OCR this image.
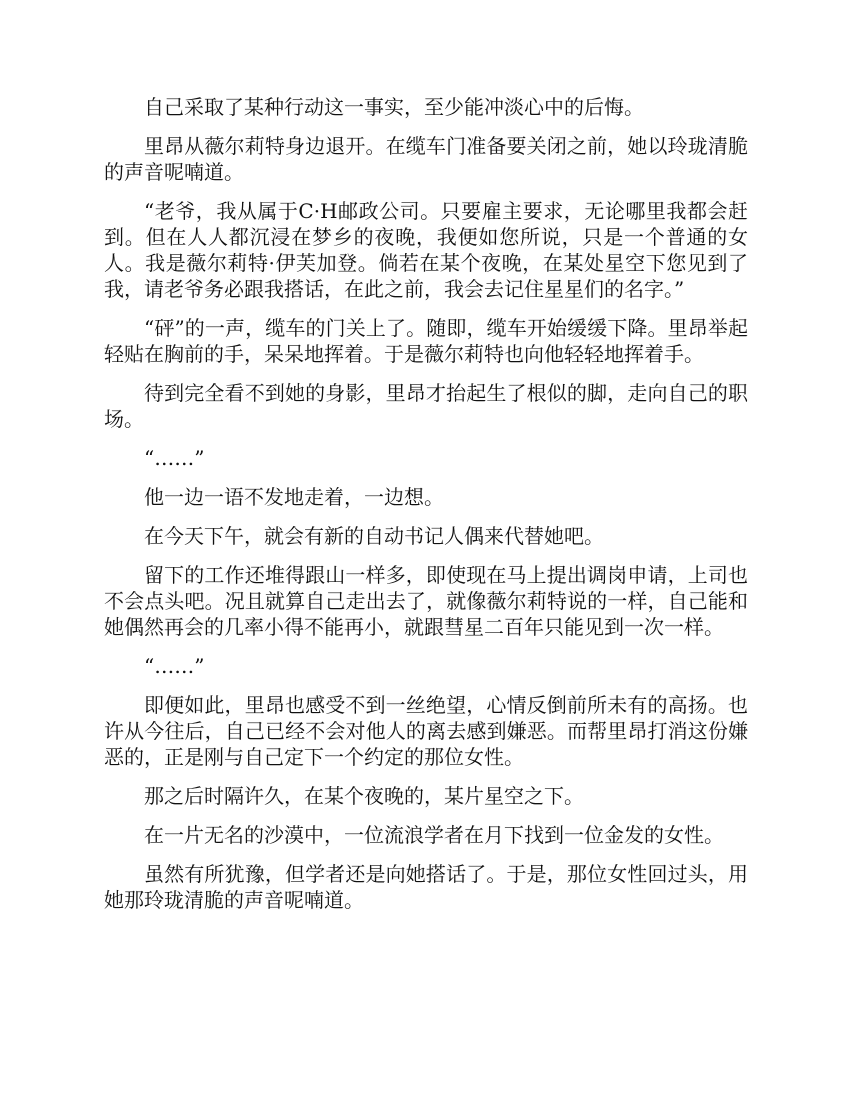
自己采取了某种行动这一事实，至少能冲淡心中的后悔。

里昂从薇尔莉特身边退开。在缆车门准备要关闭之前，她以玲珑清脆的声音呢喃道。

“老爷，我从属于C·H邮政公司。只要雇主要求，无论哪里我都会赶到。但在人人都沉浸在梦乡的夜晚，我便如您所说，只是一个普通的女人。我是薇尔莉特·伊芙加登。倘若在某个夜晚，在某处星空下您见到了我，请老爷务必跟我搭话，在此之前，我会去记住星星们的名字。”

“砰”的一声，缆车的门关上了。随即，缆车开始缓缓下降。里昂举起轻贴在胸前的手，呆呆地挥着。于是薇尔莉特也向他轻轻地挥着手。

待到完全看不到她的身影，里昂才抬起生了根似的脚，走向自己的职场。

“……”

他一边一语不发地走着，一边想。

在今天下午，就会有新的自动书记人偶来代替她吧。

留下的工作还堆得跟山一样多，即使现在马上提出调岗申请，上司也不会点头吧。况且就算自己走出去了，就像薇尔莉特说的一样，自己能和她偶然再会的几率小得不能再小，就跟彗星二百年只能见到一次一样。

“……”

即便如此，里昂也感受不到一丝绝望，心情反倒前所未有的高扬。也许从今往后，自己已经不会对他人的离去感到嫌恶。而帮里昂打消这份嫌恶的，正是刚与自己定下一个约定的那位女性。

那之后时隔许久，在某个夜晚的，某片星空之下。

在一片无名的沙漠中，一位流浪学者在月下找到一位金发的女性。

虽然有所犹豫，但学者还是向她搭话了。于是，那位女性回过头，用她那玲珑清脆的声音呢喃道。
